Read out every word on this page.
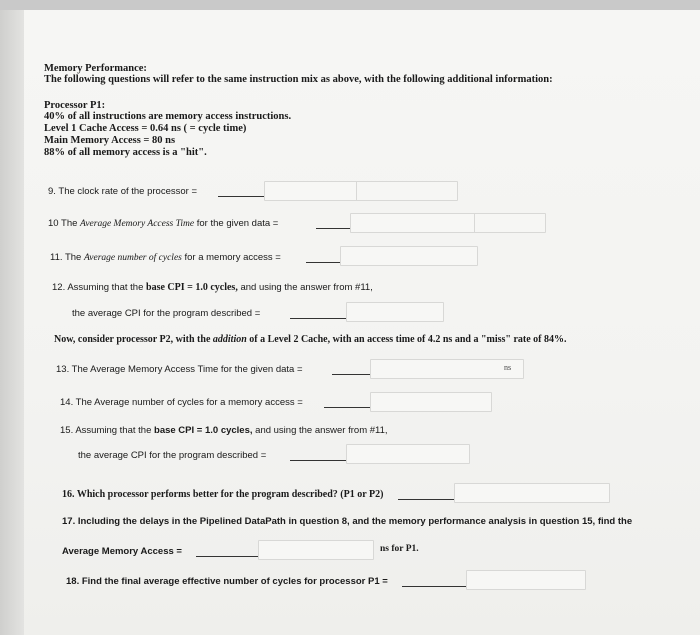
Memory Performance:
The following questions will refer to the same instruction mix as above, with the following additional information:
Processor P1:
40% of all instructions are memory access instructions.
Level 1 Cache Access = 0.64 ns ( = cycle time)
Main Memory Access = 80 ns
88% of all memory access is a "hit".
9. The clock rate of the processor =
10 The Average Memory Access Time for the given data =
11. The Average number of cycles for a memory access =
12. Assuming that the base CPI = 1.0 cycles, and using the answer from #11,
the average CPI for the program described =
Now, consider processor P2, with the addition of a Level 2 Cache, with an access time of 4.2 ns and a "miss" rate of 84%.
13. The Average Memory Access Time for the given data =	ns
14. The Average number of cycles for a memory access =
15. Assuming that the base CPI = 1.0 cycles, and using the answer from #11,
the average CPI for the program described =
16. Which processor performs better for the program described? (P1 or P2)
17. Including the delays in the Pipelined DataPath in question 8, and the memory performance analysis in question 15, find the
Average Memory Access =	ns for P1.
18. Find the final average effective number of cycles for processor P1 =
